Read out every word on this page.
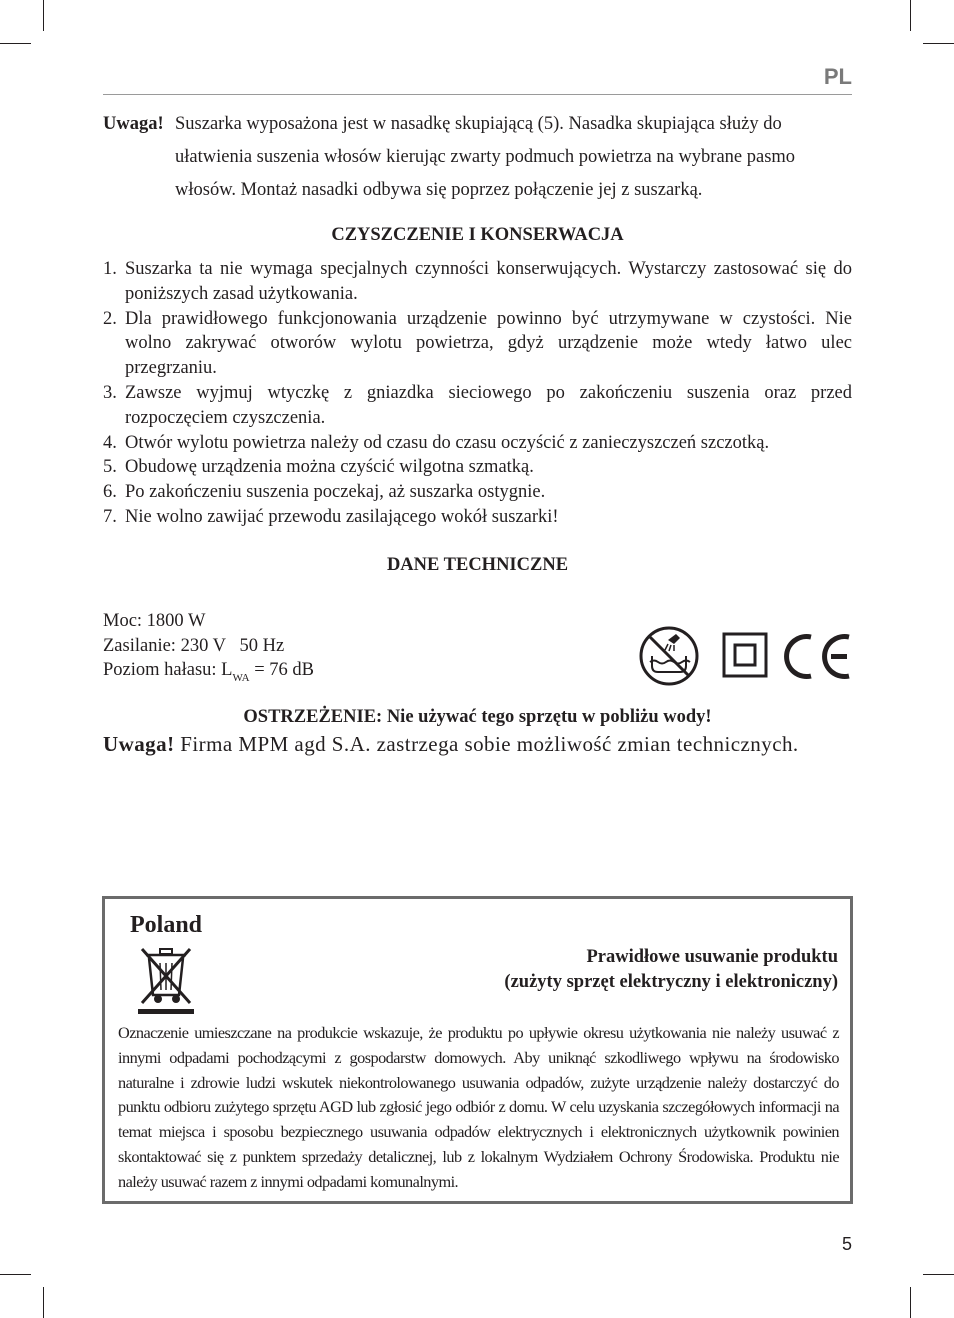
PL
Uwaga! Suszarka wyposażona jest w nasadkę skupiającą (5). Nasadka skupiająca służy do ułatwienia suszenia włosów kierując zwarty podmuch powietrza na wybrane pasmo włosów. Montaż nasadki odbywa się poprzez połączenie jej z suszarką.
CZYSZCZENIE I KONSERWACJA
1. Suszarka ta nie wymaga specjalnych czynności konserwujących. Wystarczy zastosować się do poniższych zasad użytkowania.
2. Dla prawidłowego funkcjonowania urządzenie powinno być utrzymywane w czystości. Nie wolno zakrywać otworów wylotu powietrza, gdyż urządzenie może wtedy łatwo ulec przegrzaniu.
3. Zawsze wyjmuj wtyczkę z gniazdka sieciowego po zakończeniu suszenia oraz przed rozpoczęciem czyszczenia.
4. Otwór wylotu powietrza należy od czasu do czasu oczyścić z zanieczyszczeń szczotką.
5. Obudowę urządzenia można czyścić wilgotna szmatką.
6. Po zakończeniu suszenia poczekaj, aż suszarka ostygnie.
7. Nie wolno zawijać przewodu zasilającego wokół suszarki!
DANE TECHNICZNE
Moc: 1800 W
Zasilanie: 230 V   50 Hz
Poziom hałasu: $L_{WA} = 76$ dB
OSTRZEŻENIE: Nie używać tego sprzętu w pobliżu wody!
Uwaga! Firma MPM agd S.A. zastrzega sobie możliwość zmian technicznych.
Poland
Prawidłowe usuwanie produktu
(zużyty sprzęt elektryczny i elektroniczny)
Oznaczenie umieszczane na produkcie wskazuje, że produktu po upływie okresu użytkowania nie należy usuwać z innymi odpadami pochodzącymi z gospodarstw domowych. Aby uniknąć szkodliwego wpływu na środowisko naturalne i zdrowie ludzi wskutek niekontrolowanego usuwania odpadów, zużyte urządzenie należy dostarczyć do punktu odbioru zużytego sprzętu AGD lub zgłosić jego odbiór z domu. W celu uzyskania szczegółowych informacji na temat miejsca i sposobu bezpiecznego usuwania odpadów elektrycznych i elektronicznych użytkownik powinien skontaktować się z punktem sprzedaży detalicznej, lub z lokalnym Wydziałem Ochrony Środowiska. Produktu nie należy usuwać razem z innymi odpadami komunalnymi.
5
